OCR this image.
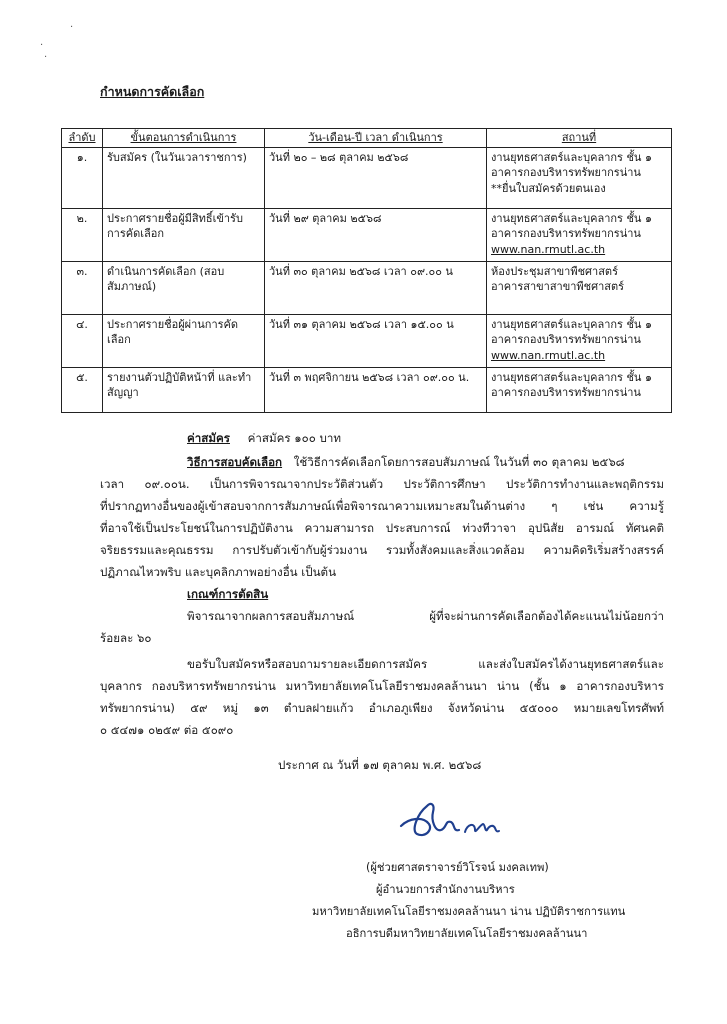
·
·
·
กำหนดการคัดเลือก
ลำดับ	ขั้นตอนการดำเนินการ	วัน-เดือน-ปี เวลา ดำเนินการ	สถานที่
๑.	รับสมัคร (ในวันเวลาราชการ)	วันที่ ๒๐ – ๒๘ ตุลาคม ๒๕๖๘	งานยุทธศาสตร์และบุคลากร ชั้น ๑
อาคารกองบริหารทรัพยากรน่าน
**ยื่นใบสมัครด้วยตนเอง

๒.	ประกาศรายชื่อผู้มีสิทธิ์เข้ารับ การคัดเลือก	วันที่ ๒๙ ตุลาคม ๒๕๖๘	งานยุทธศาสตร์และบุคลากร ชั้น ๑
อาคารกองบริหารทรัพยากรน่าน
www.nan.rmutl.ac.th

๓.	ดำเนินการคัดเลือก (สอบสัมภาษณ์)	วันที่ ๓๐ ตุลาคม ๒๕๖๘ เวลา ๐๙.๐๐ น	ห้องประชุมสาขาพืชศาสตร์
อาคารสาขาสาขาพืชศาสตร์

๔.	ประกาศรายชื่อผู้ผ่านการคัดเลือก	วันที่ ๓๑ ตุลาคม ๒๕๖๘ เวลา ๑๕.๐๐ น	งานยุทธศาสตร์และบุคลากร ชั้น ๑
อาคารกองบริหารทรัพยากรน่าน
www.nan.rmutl.ac.th

๕.	รายงานตัวปฏิบัติหน้าที่ และทำสัญญา	วันที่ ๓ พฤศจิกายน ๒๕๖๘ เวลา ๐๙.๐๐ น.	งานยุทธศาสตร์และบุคลากร ชั้น ๑
อาคารกองบริหารทรัพยากรน่าน
ค่าสมัคร ค่าสมัคร ๑๐๐ บาท
วิธีการสอบคัดเลือก ใช้วิธีการคัดเลือกโดยการสอบสัมภาษณ์ ในวันที่ ๓๐ ตุลาคม ๒๕๖๘
เวลา ๐๙.๐๐น. เป็นการพิจารณาจากประวัติส่วนตัว ประวัติการศึกษา ประวัติการทำงานและพฤติกรรม
ที่ปรากฏทางอื่นของผู้เข้าสอบจากการสัมภาษณ์เพื่อพิจารณาความเหมาะสมในด้านต่าง ๆ เช่น ความรู้
ที่อาจใช้เป็นประโยชน์ในการปฏิบัติงาน ความสามารถ ประสบการณ์ ท่วงทีวาจา อุปนิสัย อารมณ์ ทัศนคติ
จริยธรรมและคุณธรรม การปรับตัวเข้ากับผู้ร่วมงาน รวมทั้งสังคมและสิ่งแวดล้อม ความคิดริเริ่มสร้างสรรค์
ปฏิภาณไหวพริบ และบุคลิกภาพอย่างอื่น เป็นต้น
เกณฑ์การตัดสิน
พิจารณาจากผลการสอบสัมภาษณ์ ผู้ที่จะผ่านการคัดเลือกต้องได้คะแนนไม่น้อยกว่า
ร้อยละ ๖๐
ขอรับใบสมัครหรือสอบถามรายละเอียดการสมัคร และส่งใบสมัครได้งานยุทธศาสตร์และ
บุคลากร กองบริหารทรัพยากรน่าน มหาวิทยาลัยเทคโนโลยีราชมงคลล้านนา น่าน (ชั้น ๑ อาคารกองบริหาร
ทรัพยากรน่าน) ๕๙ หมู่ ๑๓ ตำบลฝายแก้ว อำเภอภูเพียง จังหวัดน่าน ๕๕๐๐๐ หมายเลขโทรศัพท์
๐ ๕๔๗๑ ๐๒๕๙ ต่อ ๕๐๙๐
ประกาศ ณ วันที่ ๑๗ ตุลาคม พ.ศ. ๒๕๖๘
(ผู้ช่วยศาสตราจารย์วิโรจน์ มงคลเทพ)
ผู้อำนวยการสำนักงานบริหาร
มหาวิทยาลัยเทคโนโลยีราชมงคลล้านนา น่าน ปฏิบัติราชการแทน
อธิการบดีมหาวิทยาลัยเทคโนโลยีราชมงคลล้านนา
